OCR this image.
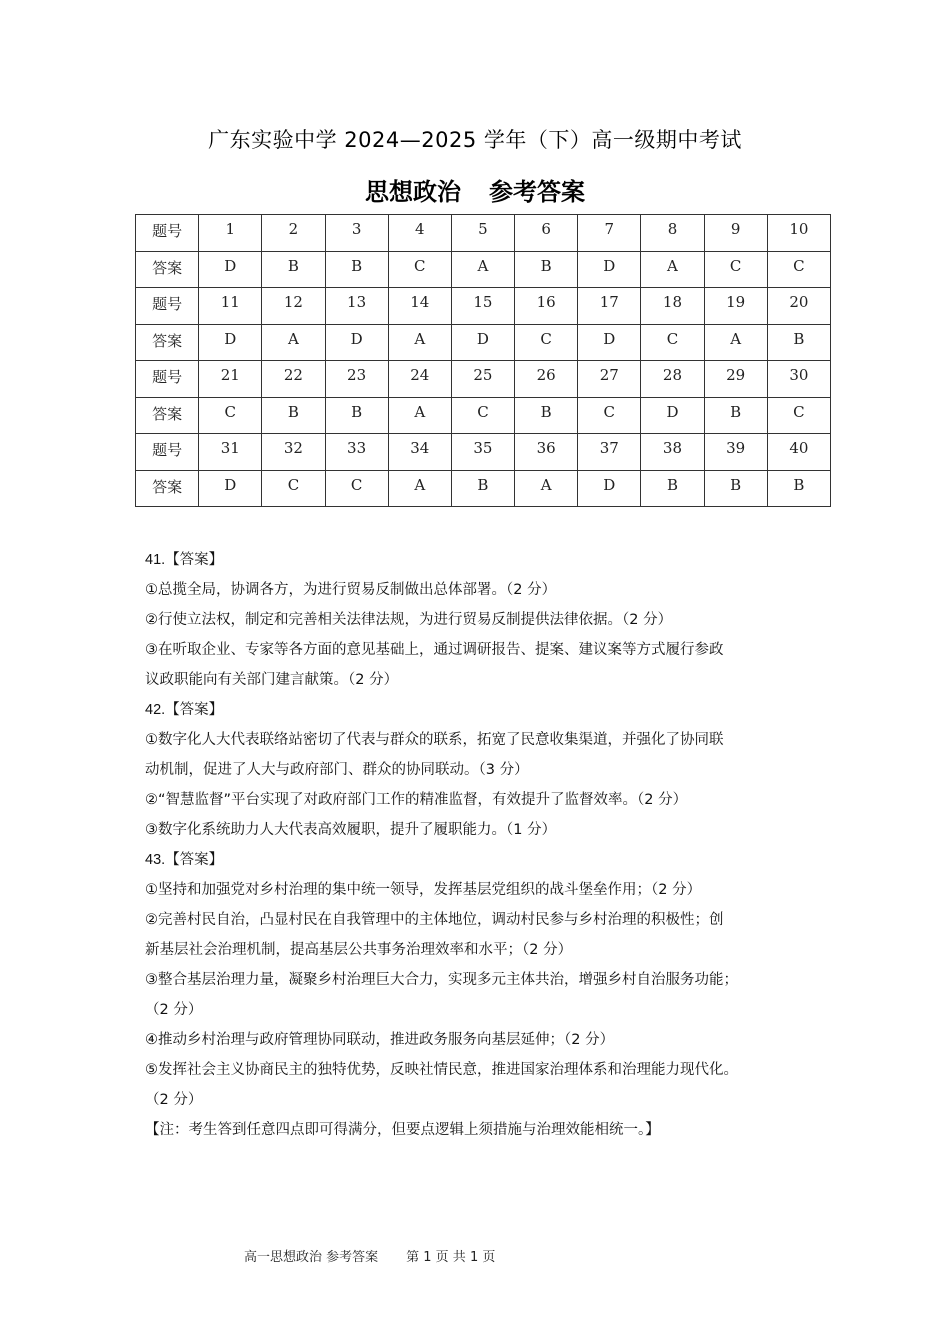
广东实验中学 2024—2025 学年（下）高一级期中考试
思想政治 参考答案
题号	1	2	3	4	5	6	7	8	9	10
答案	D	B	B	C	A	B	D	A	C	C
题号	11	12	13	14	15	16	17	18	19	20
答案	D	A	D	A	D	C	D	C	A	B
题号	21	22	23	24	25	26	27	28	29	30
答案	C	B	B	A	C	B	C	D	B	C
题号	31	32	33	34	35	36	37	38	39	40
答案	D	C	C	A	B	A	D	B	B	B

41.【答案】

①总揽全局，协调各方，为进行贸易反制做出总体部署。（2 分）

②行使立法权，制定和完善相关法律法规，为进行贸易反制提供法律依据。（2 分）

③在听取企业、专家等各方面的意见基础上，通过调研报告、提案、建议案等方式履行参政

议政职能向有关部门建言献策。（2 分）

42.【答案】

①数字化人大代表联络站密切了代表与群众的联系，拓宽了民意收集渠道，并强化了协同联

动机制，促进了人大与政府部门、群众的协同联动。（3 分）

②“智慧监督”平台实现了对政府部门工作的精准监督，有效提升了监督效率。（2 分）

③数字化系统助力人大代表高效履职，提升了履职能力。（1 分）

43.【答案】

①坚持和加强党对乡村治理的集中统一领导，发挥基层党组织的战斗堡垒作用；（2 分）

②完善村民自治，凸显村民在自我管理中的主体地位，调动村民参与乡村治理的积极性；创

新基层社会治理机制，提高基层公共事务治理效率和水平；（2 分）

③整合基层治理力量，凝聚乡村治理巨大合力，实现多元主体共治，增强乡村自治服务功能；

（2 分）

④推动乡村治理与政府管理协同联动，推进政务服务向基层延伸；（2 分）

⑤发挥社会主义协商民主的独特优势，反映社情民意，推进国家治理体系和治理能力现代化。

（2 分）

【注：考生答到任意四点即可得满分，但要点逻辑上须措施与治理效能相统一。】

高一思想政治 参考答案 第 1 页 共 1 页
